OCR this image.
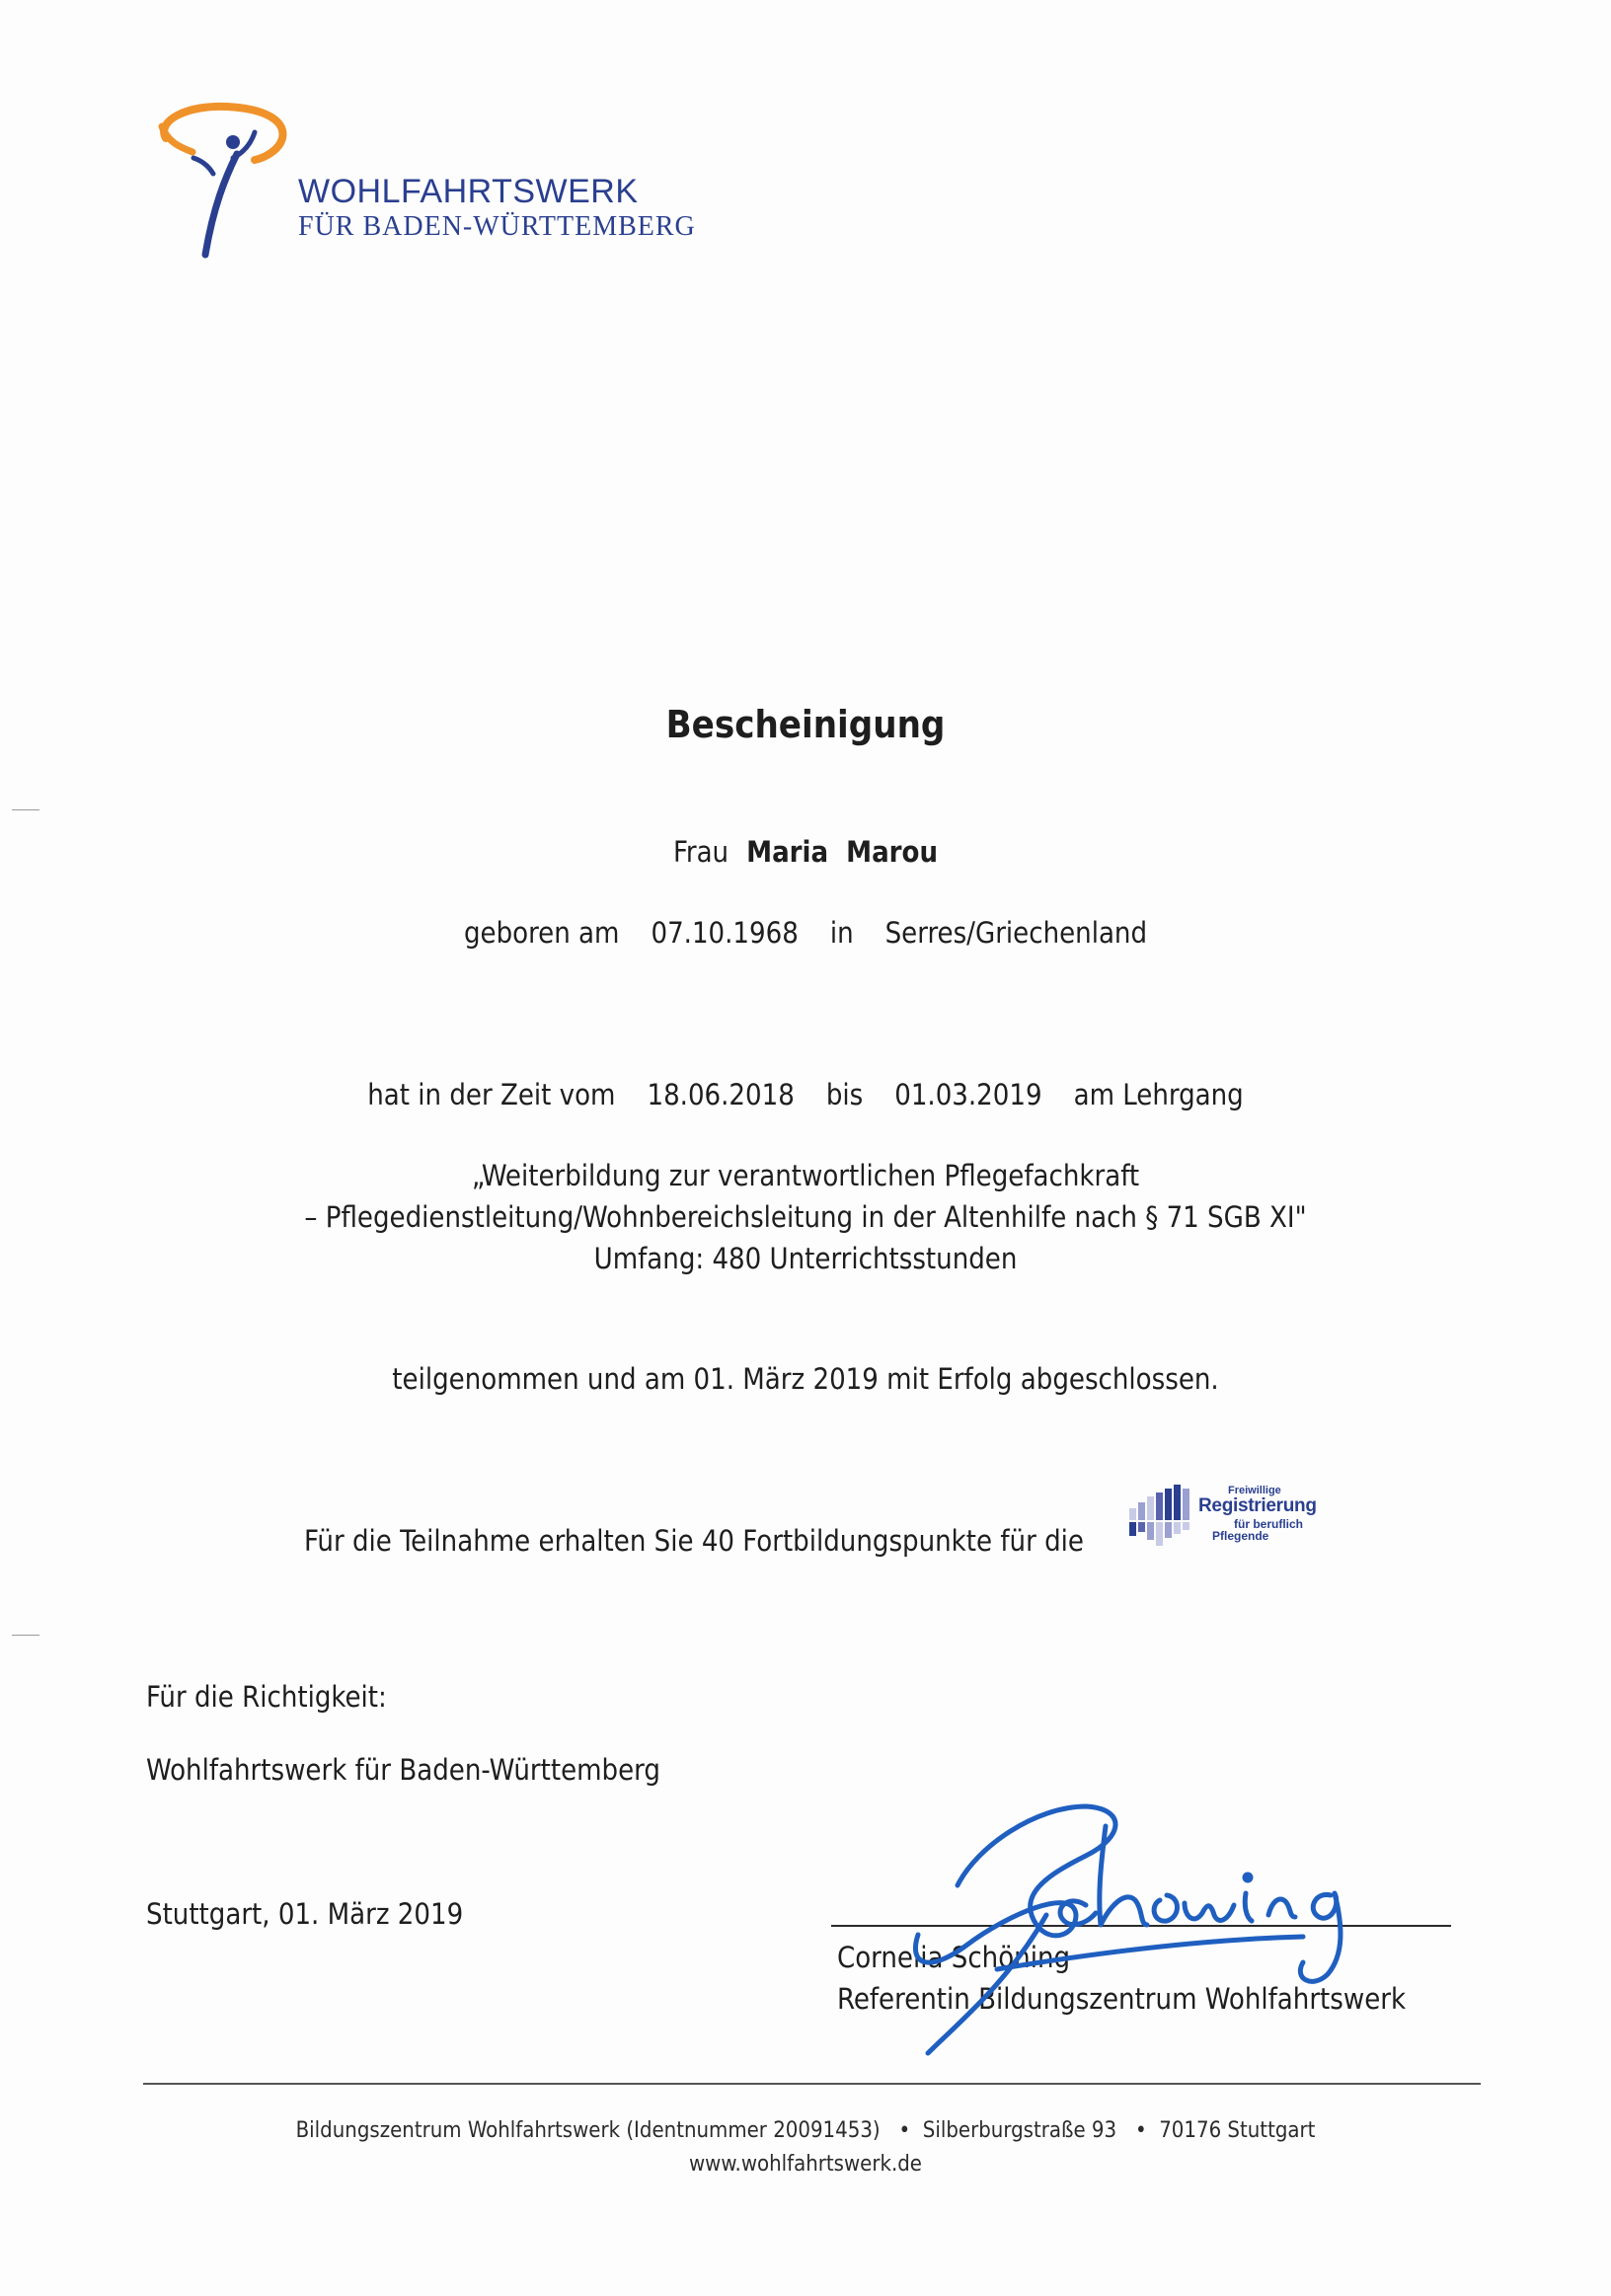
WOHLFAHRTSWERK
FÜR BADEN-WÜRTTEMBERG
Bescheinigung
Frau Maria Marou
geboren am 07.10.1968 in Serres/Griechenland
hat in der Zeit vom 18.06.2018 bis 01.03.2019 am Lehrgang
„Weiterbildung zur verantwortlichen Pflegefachkraft
– Pflegedienstleitung/Wohnbereichsleitung in der Altenhilfe nach § 71 SGB XI"
Umfang: 480 Unterrichtsstunden
teilgenommen und am 01. März 2019 mit Erfolg abgeschlossen.
Für die Teilnahme erhalten Sie 40 Fortbildungspunkte für die
Freiwillige
Registrierung
für beruflich
Pflegende
Für die Richtigkeit:
Wohlfahrtswerk für Baden-Württemberg
Stuttgart, 01. März 2019
Cornelia Schöning
Referentin Bildungszentrum Wohlfahrtswerk
Bildungszentrum Wohlfahrtswerk (Identnummer 20091453)   •  Silberburgstraße 93   •  70176 Stuttgart
www.wohlfahrtswerk.de
